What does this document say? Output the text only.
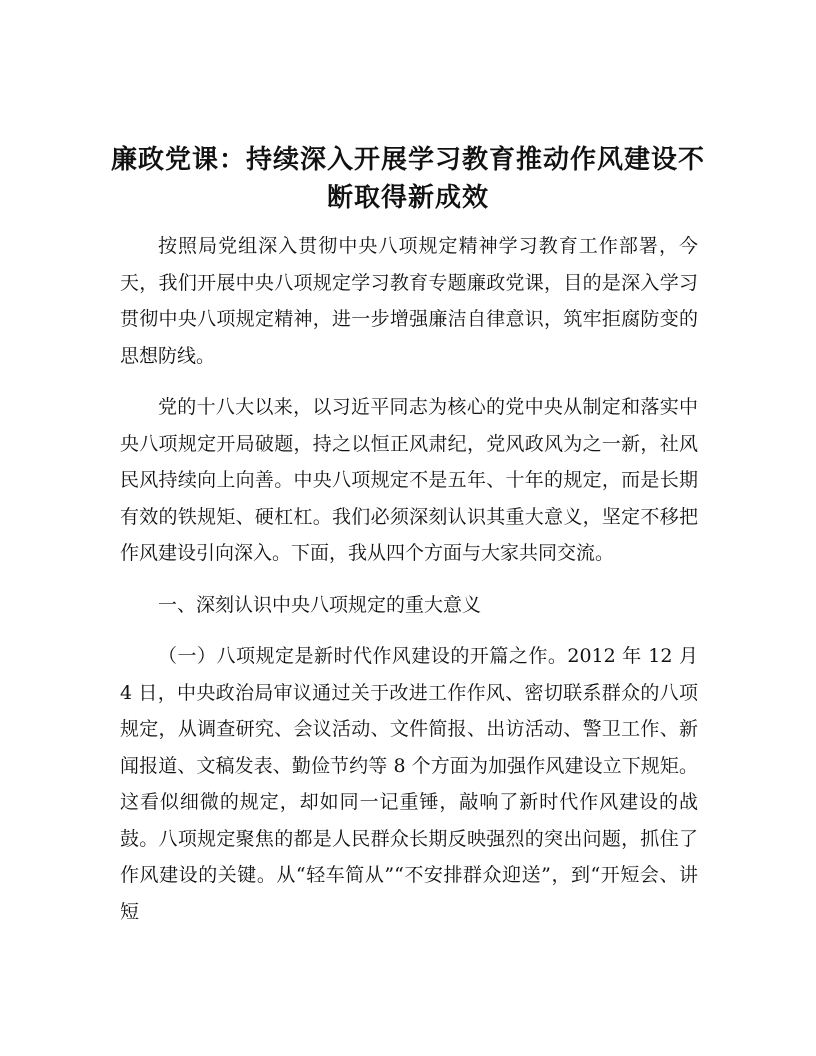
廉政党课：持续深入开展学习教育推动作风建设不断取得新成效

按照局党组深入贯彻中央八项规定精神学习教育工作部署，今天，我们开展中央八项规定学习教育专题廉政党课，目的是深入学习贯彻中央八项规定精神，进一步增强廉洁自律意识，筑牢拒腐防变的思想防线。

党的十八大以来，以习近平同志为核心的党中央从制定和落实中央八项规定开局破题，持之以恒正风肃纪，党风政风为之一新，社风民风持续向上向善。中央八项规定不是五年、十年的规定，而是长期有效的铁规矩、硬杠杠。我们必须深刻认识其重大意义，坚定不移把作风建设引向深入。下面，我从四个方面与大家共同交流。

一、深刻认识中央八项规定的重大意义

（一）八项规定是新时代作风建设的开篇之作。2012 年 12 月 4 日，中央政治局审议通过关于改进工作作风、密切联系群众的八项规定，从调查研究、会议活动、文件简报、出访活动、警卫工作、新闻报道、文稿发表、勤俭节约等 8 个方面为加强作风建设立下规矩。这看似细微的规定，却如同一记重锤，敲响了新时代作风建设的战鼓。八项规定聚焦的都是人民群众长期反映强烈的突出问题，抓住了作风建设的关键。从“轻车简从”“不安排群众迎送”，到“开短会、讲短
